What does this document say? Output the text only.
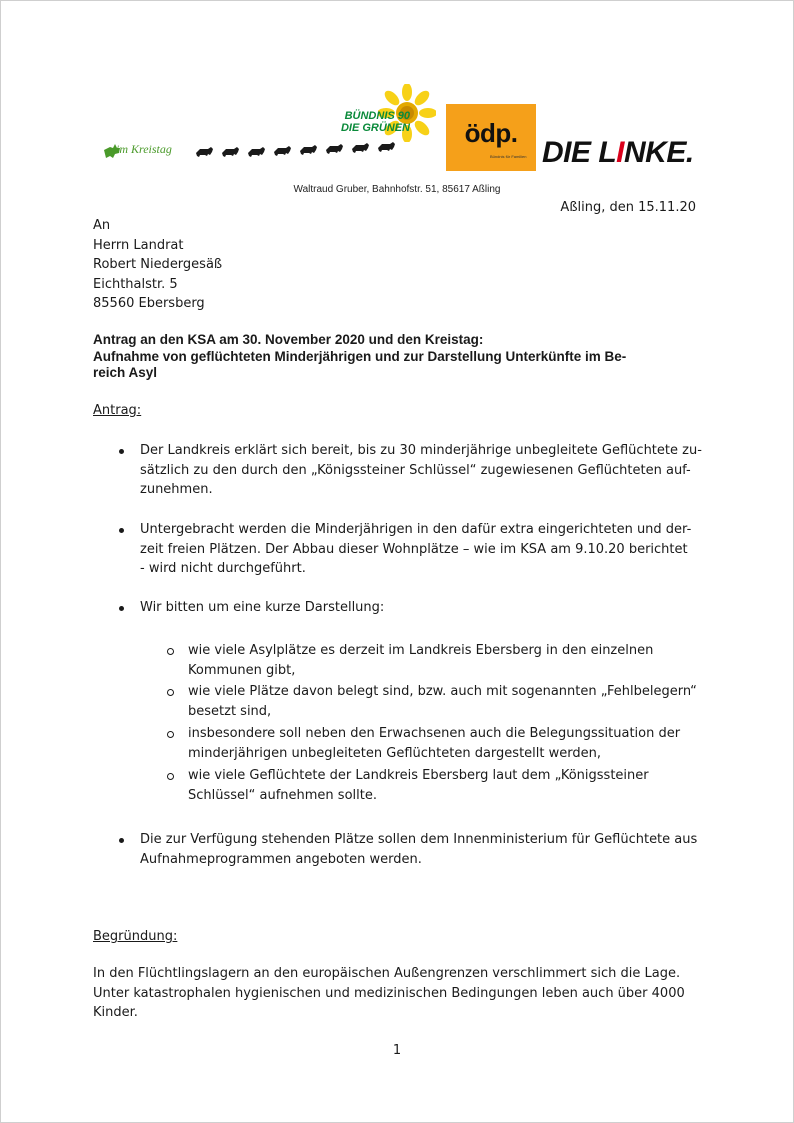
im Kreistag
BÜNDNIS 90
DIE GRÜNEN	ödp.
Bündnis für Familien DIE LINKE.
Waltraud Gruber, Bahnhofstr. 51, 85617 Aßling
Aßling, den 15.11.20
An
Herrn Landrat
Robert Niedergesäß
Eichthalstr. 5
85560 Ebersberg
Antrag an den KSA am 30. November 2020 und den Kreistag:
Aufnahme von geflüchteten Minderjährigen und zur Darstellung Unterkünfte im Be-
reich Asyl
Antrag:
Der Landkreis erklärt sich bereit, bis zu 30 minderjährige unbegleitete Geflüchtete zu-
sätzlich zu den durch den „Königssteiner Schlüssel“ zugewiesenen Geflüchteten auf-
zunehmen.
Untergebracht werden die Minderjährigen in den dafür extra eingerichteten und der-
zeit freien Plätzen. Der Abbau dieser Wohnplätze – wie im KSA am 9.10.20 berichtet
- wird nicht durchgeführt.
Wir bitten um eine kurze Darstellung:
wie viele Asylplätze es derzeit im Landkreis Ebersberg in den einzelnen
Kommunen gibt,
wie viele Plätze davon belegt sind, bzw. auch mit sogenannten „Fehlbelegern“
besetzt sind,
insbesondere soll neben den Erwachsenen auch die Belegungssituation der
minderjährigen unbegleiteten Geflüchteten dargestellt werden,
wie viele Geflüchtete der Landkreis Ebersberg laut dem „Königssteiner
Schlüssel“ aufnehmen sollte.
Die zur Verfügung stehenden Plätze sollen dem Innenministerium für Geflüchtete aus
Aufnahmeprogrammen angeboten werden.
Begründung:
In den Flüchtlingslagern an den europäischen Außengrenzen verschlimmert sich die Lage.
Unter katastrophalen hygienischen und medizinischen Bedingungen leben auch über 4000
Kinder.
1
